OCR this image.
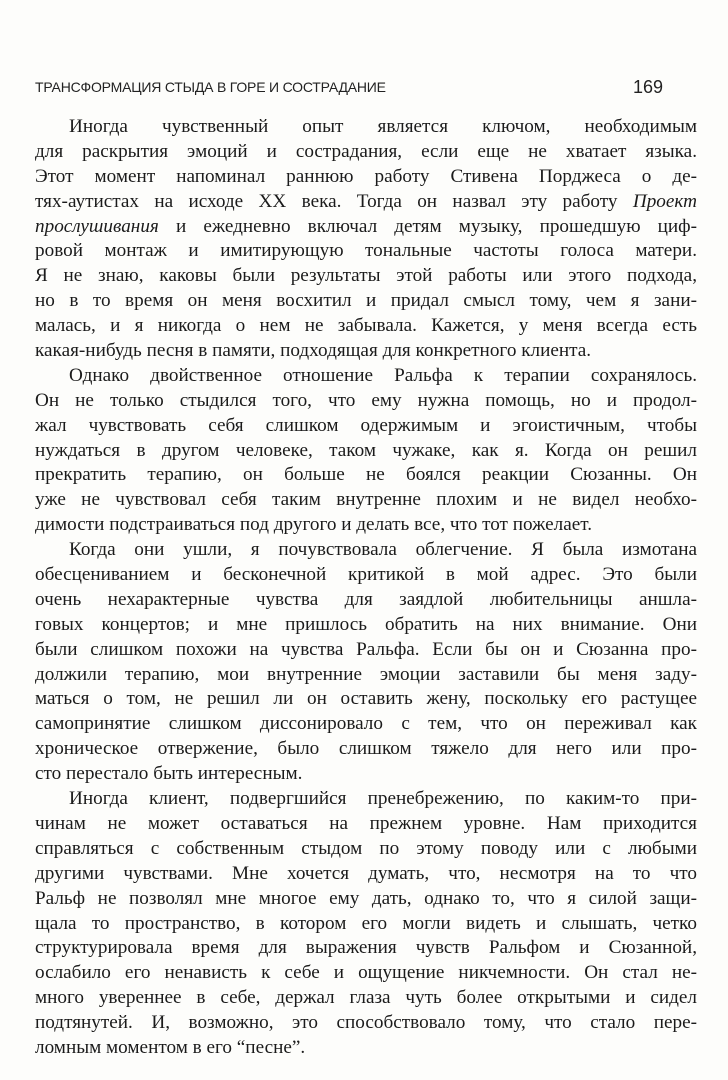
ТРАНСФОРМАЦИЯ СТЫДА В ГОРЕ И СОСТРАДАНИЕ	169
Иногда чувственный опыт является ключом, необходимым
для раскрытия эмоций и сострадания, если еще не хватает языка.
Этот момент напоминал раннюю работу Стивена Порджеса о де-
тях-аутистах на исходе XX века. Тогда он назвал эту работу Проект
прослушивания и ежедневно включал детям музыку, прошедшую циф-
ровой монтаж и имитирующую тональные частоты голоса матери.
Я не знаю, каковы были результаты этой работы или этого подхода,
но в то время он меня восхитил и придал смысл тому, чем я зани-
малась, и я никогда о нем не забывала. Кажется, у меня всегда есть
какая-нибудь песня в памяти, подходящая для конкретного клиента.
Однако двойственное отношение Ральфа к терапии сохранялось.
Он не только стыдился того, что ему нужна помощь, но и продол-
жал чувствовать себя слишком одержимым и эгоистичным, чтобы
нуждаться в другом человеке, таком чужаке, как я. Когда он решил
прекратить терапию, он больше не боялся реакции Сюзанны. Он
уже не чувствовал себя таким внутренне плохим и не видел необхо-
димости подстраиваться под другого и делать все, что тот пожелает.
Когда они ушли, я почувствовала облегчение. Я была измотана
обесцениванием и бесконечной критикой в мой адрес. Это были
очень нехарактерные чувства для заядлой любительницы аншла-
говых концертов; и мне пришлось обратить на них внимание. Они
были слишком похожи на чувства Ральфа. Если бы он и Сюзанна про-
должили терапию, мои внутренние эмоции заставили бы меня заду-
маться о том, не решил ли он оставить жену, поскольку его растущее
самопринятие слишком диссонировало с тем, что он переживал как
хроническое отвержение, было слишком тяжело для него или про-
сто перестало быть интересным.
Иногда клиент, подвергшийся пренебрежению, по каким-то при-
чинам не может оставаться на прежнем уровне. Нам приходится
справляться с собственным стыдом по этому поводу или с любыми
другими чувствами. Мне хочется думать, что, несмотря на то что
Ральф не позволял мне многое ему дать, однако то, что я силой защи-
щала то пространство, в котором его могли видеть и слышать, четко
структурировала время для выражения чувств Ральфом и Сюзанной,
ослабило его ненависть к себе и ощущение никчемности. Он стал не-
много увереннее в себе, держал глаза чуть более открытыми и сидел
подтянутей. И, возможно, это способствовало тому, что стало пере-
ломным моментом в его “песне”.
